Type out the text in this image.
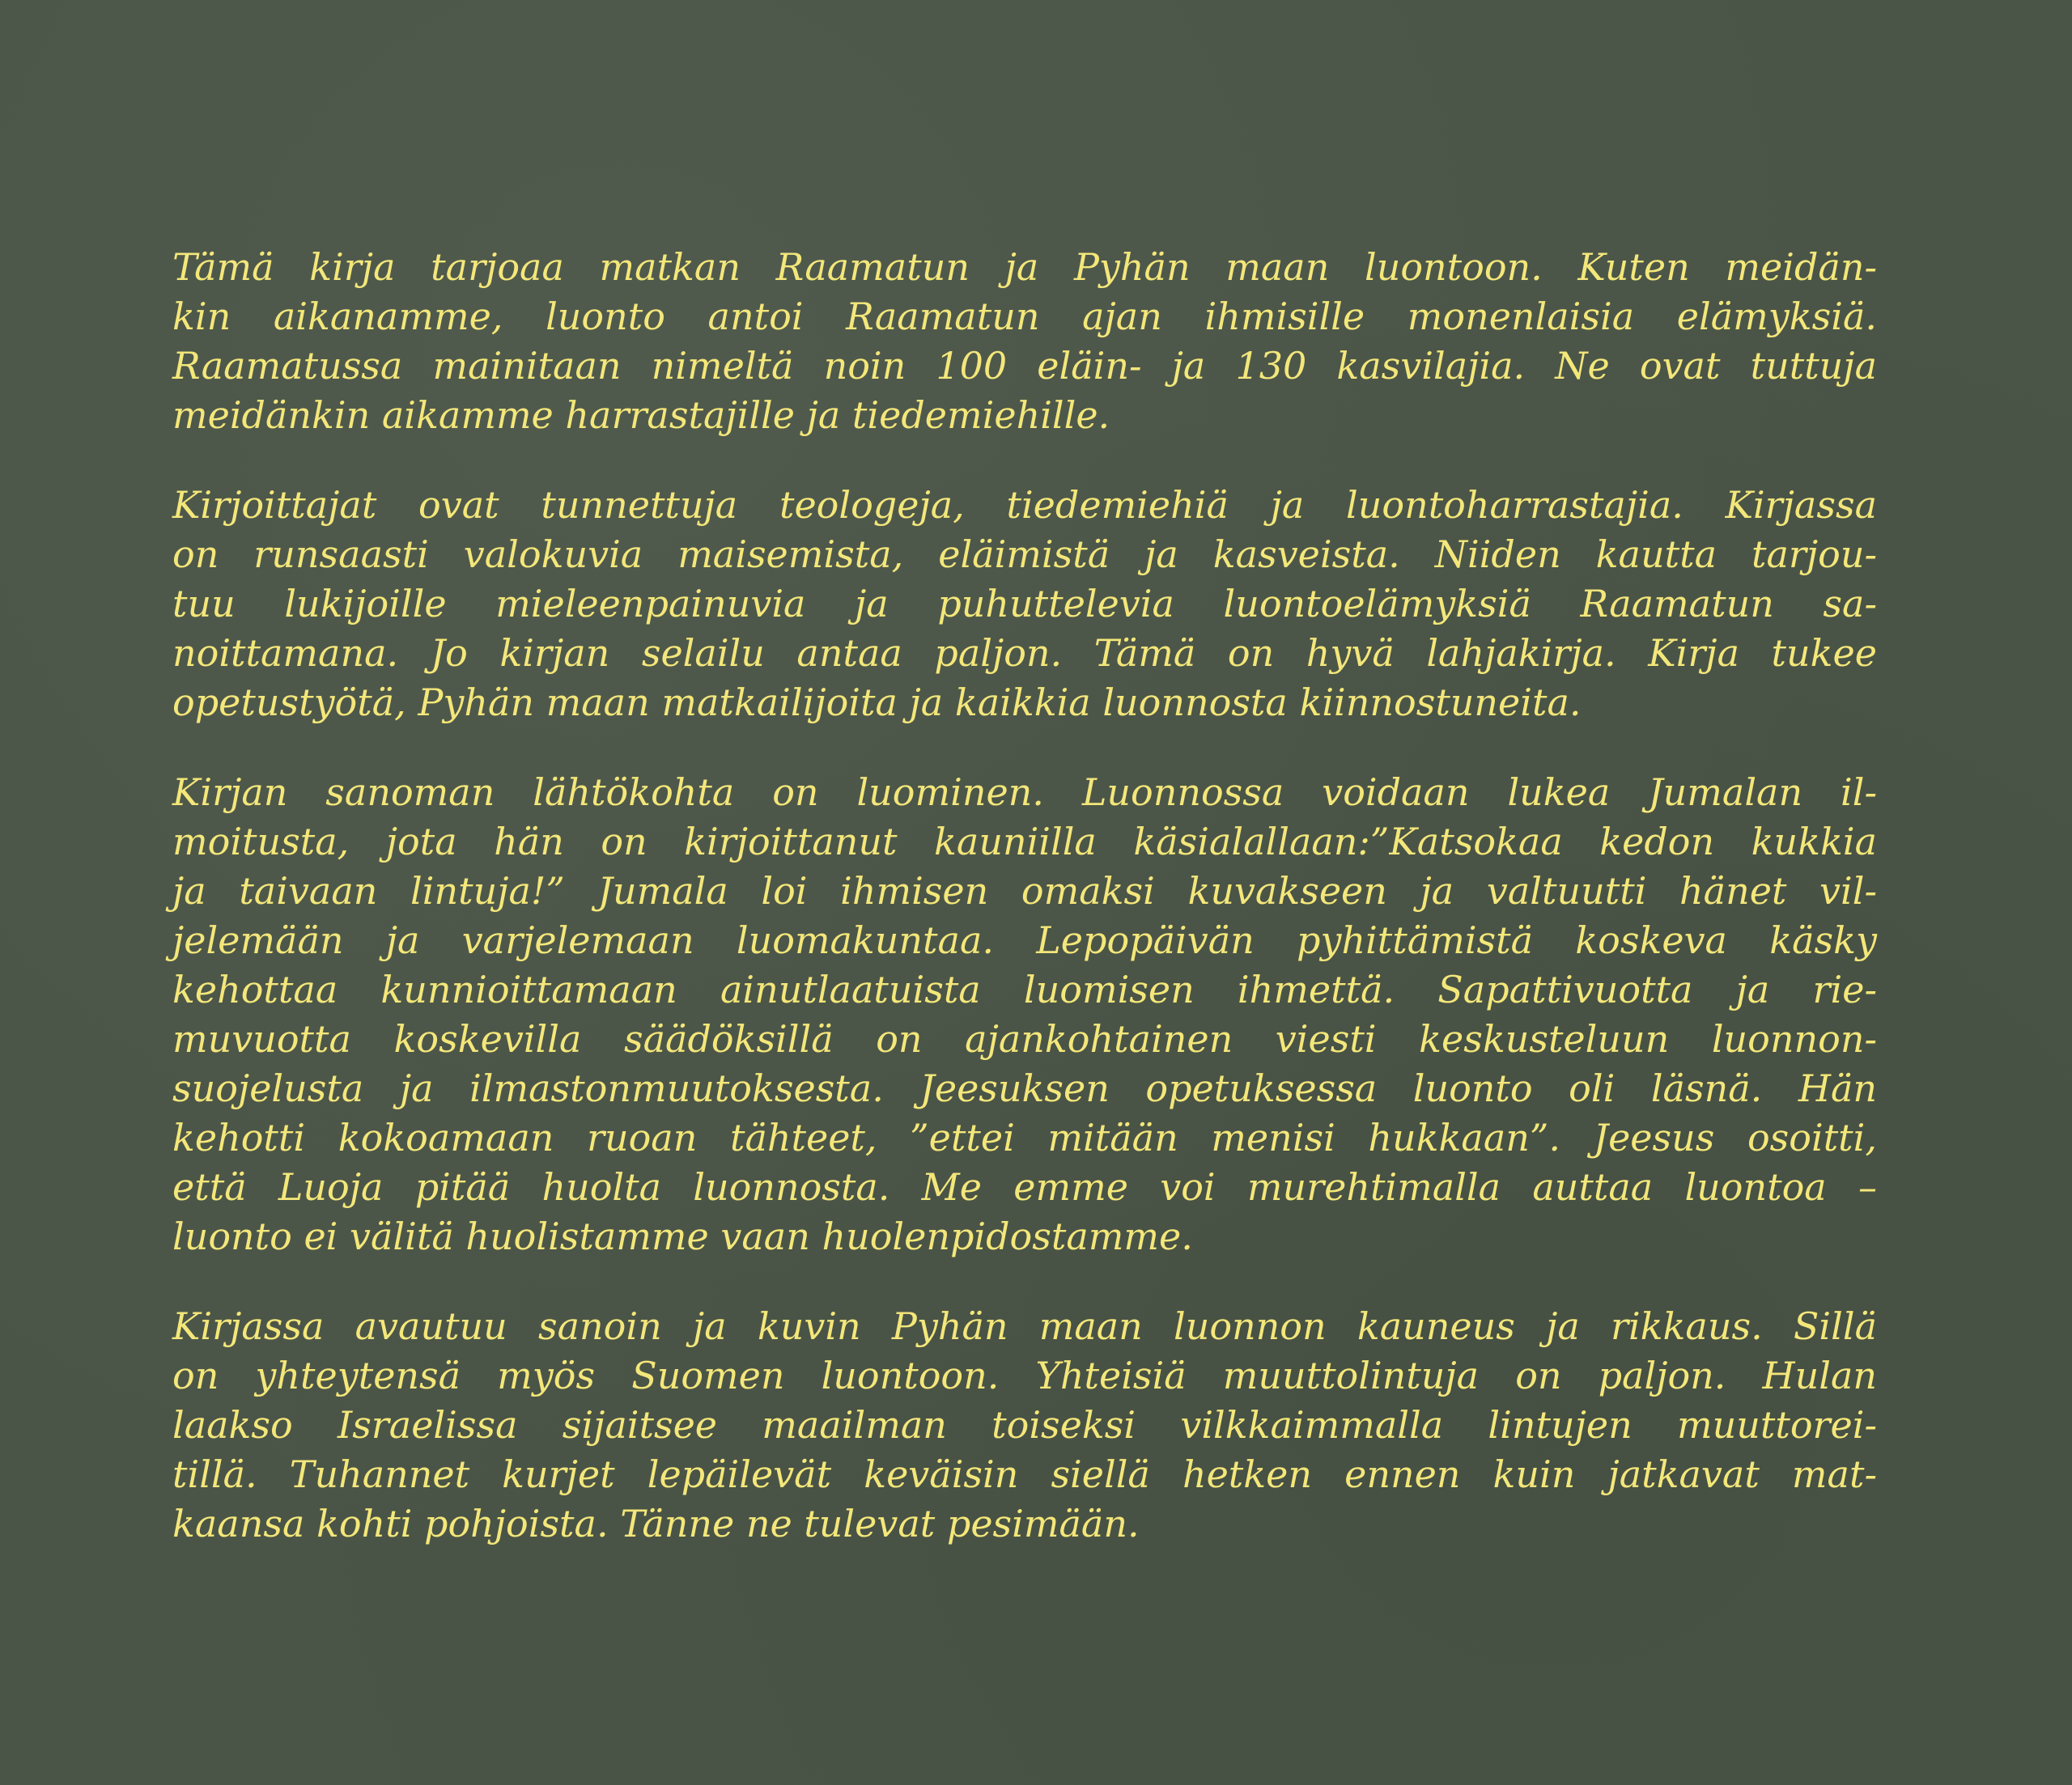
Tämä kirja tarjoaa matkan Raamatun ja Pyhän maan luontoon. Kuten meidän-
kin aikanamme, luonto antoi Raamatun ajan ihmisille monenlaisia elämyksiä.
Raamatussa mainitaan nimeltä noin 100 eläin- ja 130 kasvilajia. Ne ovat tuttuja
meidänkin aikamme harrastajille ja tiedemiehille.
Kirjoittajat ovat tunnettuja teologeja, tiedemiehiä ja luontoharrastajia. Kirjassa
on runsaasti valokuvia maisemista, eläimistä ja kasveista. Niiden kautta tarjou-
tuu lukijoille mieleenpainuvia ja puhuttelevia luontoelämyksiä Raamatun sa-
noittamana. Jo kirjan selailu antaa paljon. Tämä on hyvä lahjakirja. Kirja tukee
opetustyötä, Pyhän maan matkailijoita ja kaikkia luonnosta kiinnostuneita.
Kirjan sanoman lähtökohta on luominen. Luonnossa voidaan lukea Jumalan il-
moitusta, jota hän on kirjoittanut kauniilla käsialallaan:”Katsokaa kedon kukkia
ja taivaan lintuja!” Jumala loi ihmisen omaksi kuvakseen ja valtuutti hänet vil-
jelemään ja varjelemaan luomakuntaa. Lepopäivän pyhittämistä koskeva käsky
kehottaa kunnioittamaan ainutlaatuista luomisen ihmettä. Sapattivuotta ja rie-
muvuotta koskevilla säädöksillä on ajankohtainen viesti keskusteluun luonnon-
suojelusta ja ilmastonmuutoksesta. Jeesuksen opetuksessa luonto oli läsnä. Hän
kehotti kokoamaan ruoan tähteet, ”ettei mitään menisi hukkaan”. Jeesus osoitti,
että Luoja pitää huolta luonnosta. Me emme voi murehtimalla auttaa luontoa –
luonto ei välitä huolistamme vaan huolenpidostamme.
Kirjassa avautuu sanoin ja kuvin Pyhän maan luonnon kauneus ja rikkaus. Sillä
on yhteytensä myös Suomen luontoon. Yhteisiä muuttolintuja on paljon. Hulan
laakso Israelissa sijaitsee maailman toiseksi vilkkaimmalla lintujen muuttorei-
tillä. Tuhannet kurjet lepäilevät keväisin siellä hetken ennen kuin jatkavat mat-
kaansa kohti pohjoista. Tänne ne tulevat pesimään.
